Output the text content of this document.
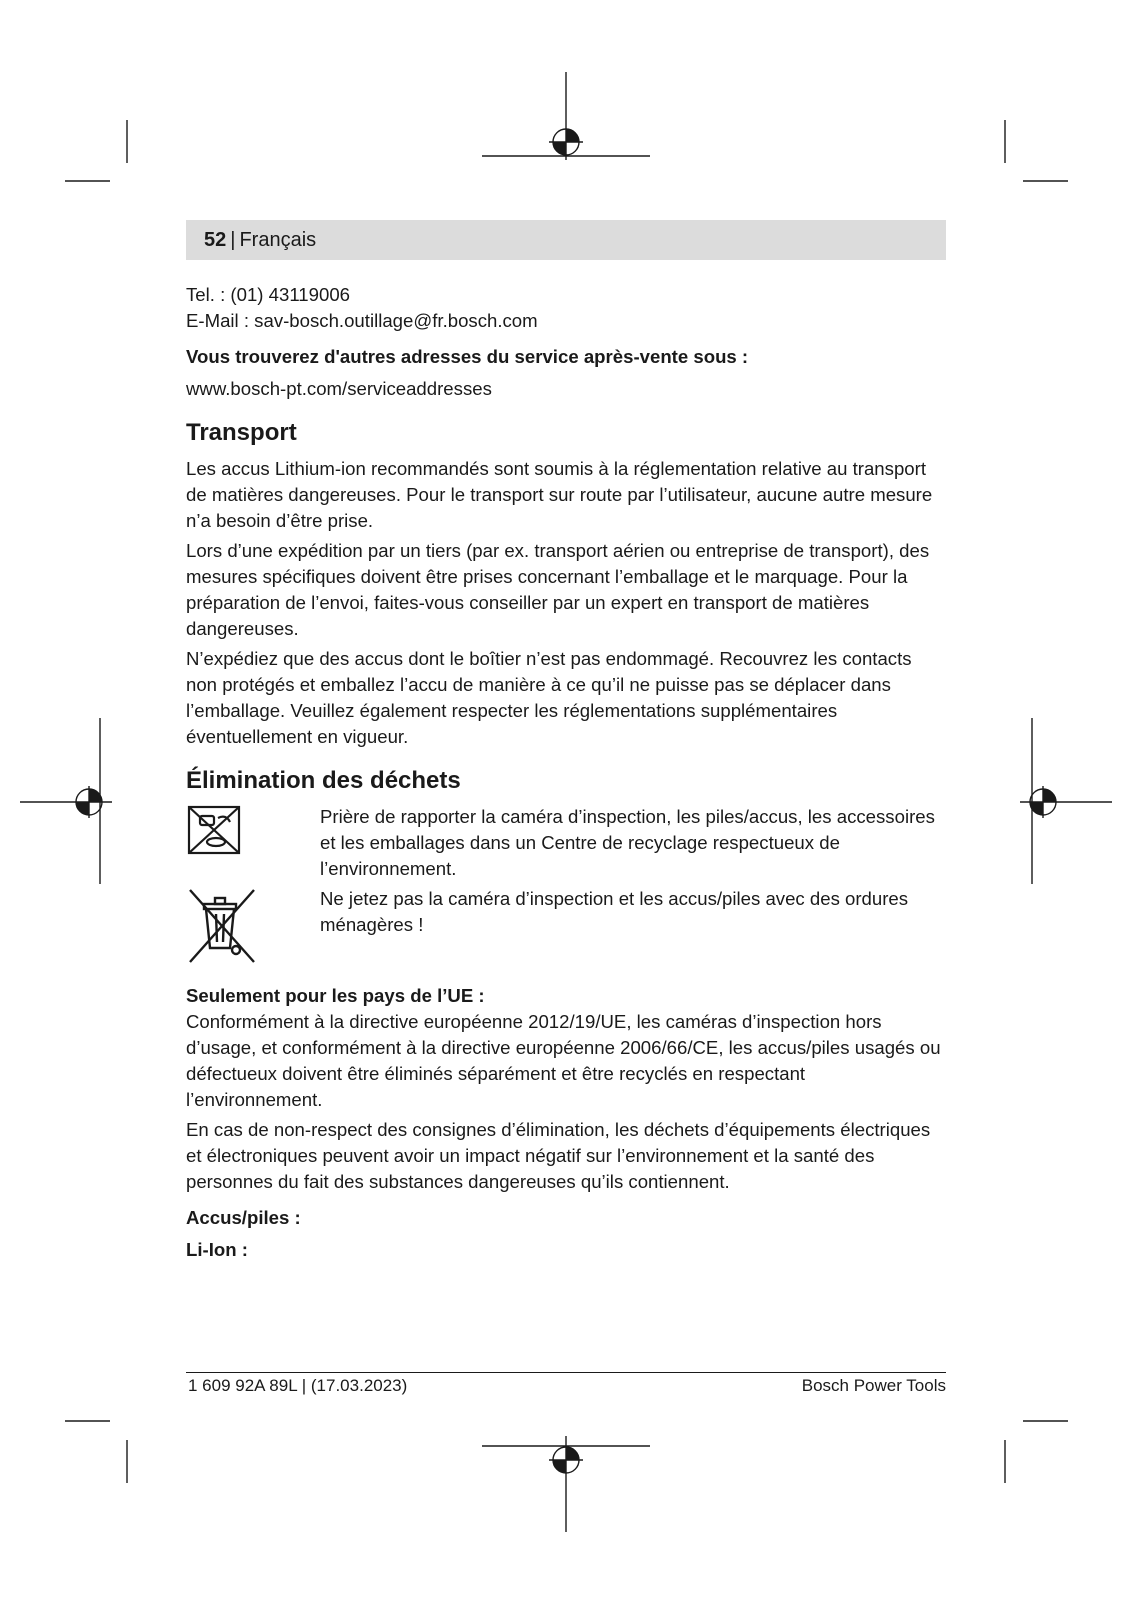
52 | Français

Tel. : (01) 43119006

E-Mail : sav-bosch.outillage@fr.bosch.com

Vous trouverez d'autres adresses du service après-vente sous :

www.bosch-pt.com/serviceaddresses

Transport

Les accus Lithium-ion recommandés sont soumis à la réglementation relative au transport de matières dangereuses. Pour le transport sur route par l’utilisateur, aucune autre mesure n’a besoin d’être prise.

Lors d’une expédition par un tiers (par ex. transport aérien ou entreprise de transport), des mesures spécifiques doivent être prises concernant l’emballage et le marquage. Pour la préparation de l’envoi, faites-vous conseiller par un expert en transport de matières dangereuses.

N’expédiez que des accus dont le boîtier n’est pas endommagé. Recouvrez les contacts non protégés et emballez l’accu de manière à ce qu’il ne puisse pas se déplacer dans l’emballage. Veuillez également respecter les réglementations supplémentaires éventuellement en vigueur.

Élimination des déchets

Prière de rapporter la caméra d’inspection, les piles/accus, les accessoires et les emballages dans un Centre de recyclage respectueux de l’environnement.

Ne jetez pas la caméra d’inspection et les accus/piles avec des ordures ménagères !

Seulement pour les pays de l’UE :

Conformément à la directive européenne 2012/19/UE, les caméras d’inspection hors d’usage, et conformément à la directive européenne 2006/66/CE, les accus/piles usagés ou défectueux doivent être éliminés séparément et être recyclés en respectant l’environnement.

En cas de non-respect des consignes d’élimination, les déchets d’équipements électriques et électroniques peuvent avoir un impact négatif sur l’environnement et la santé des personnes du fait des substances dangereuses qu’ils contiennent.

Accus/piles :

Li-Ion :

1 609 92A 89L | (17.03.2023)	Bosch Power Tools
